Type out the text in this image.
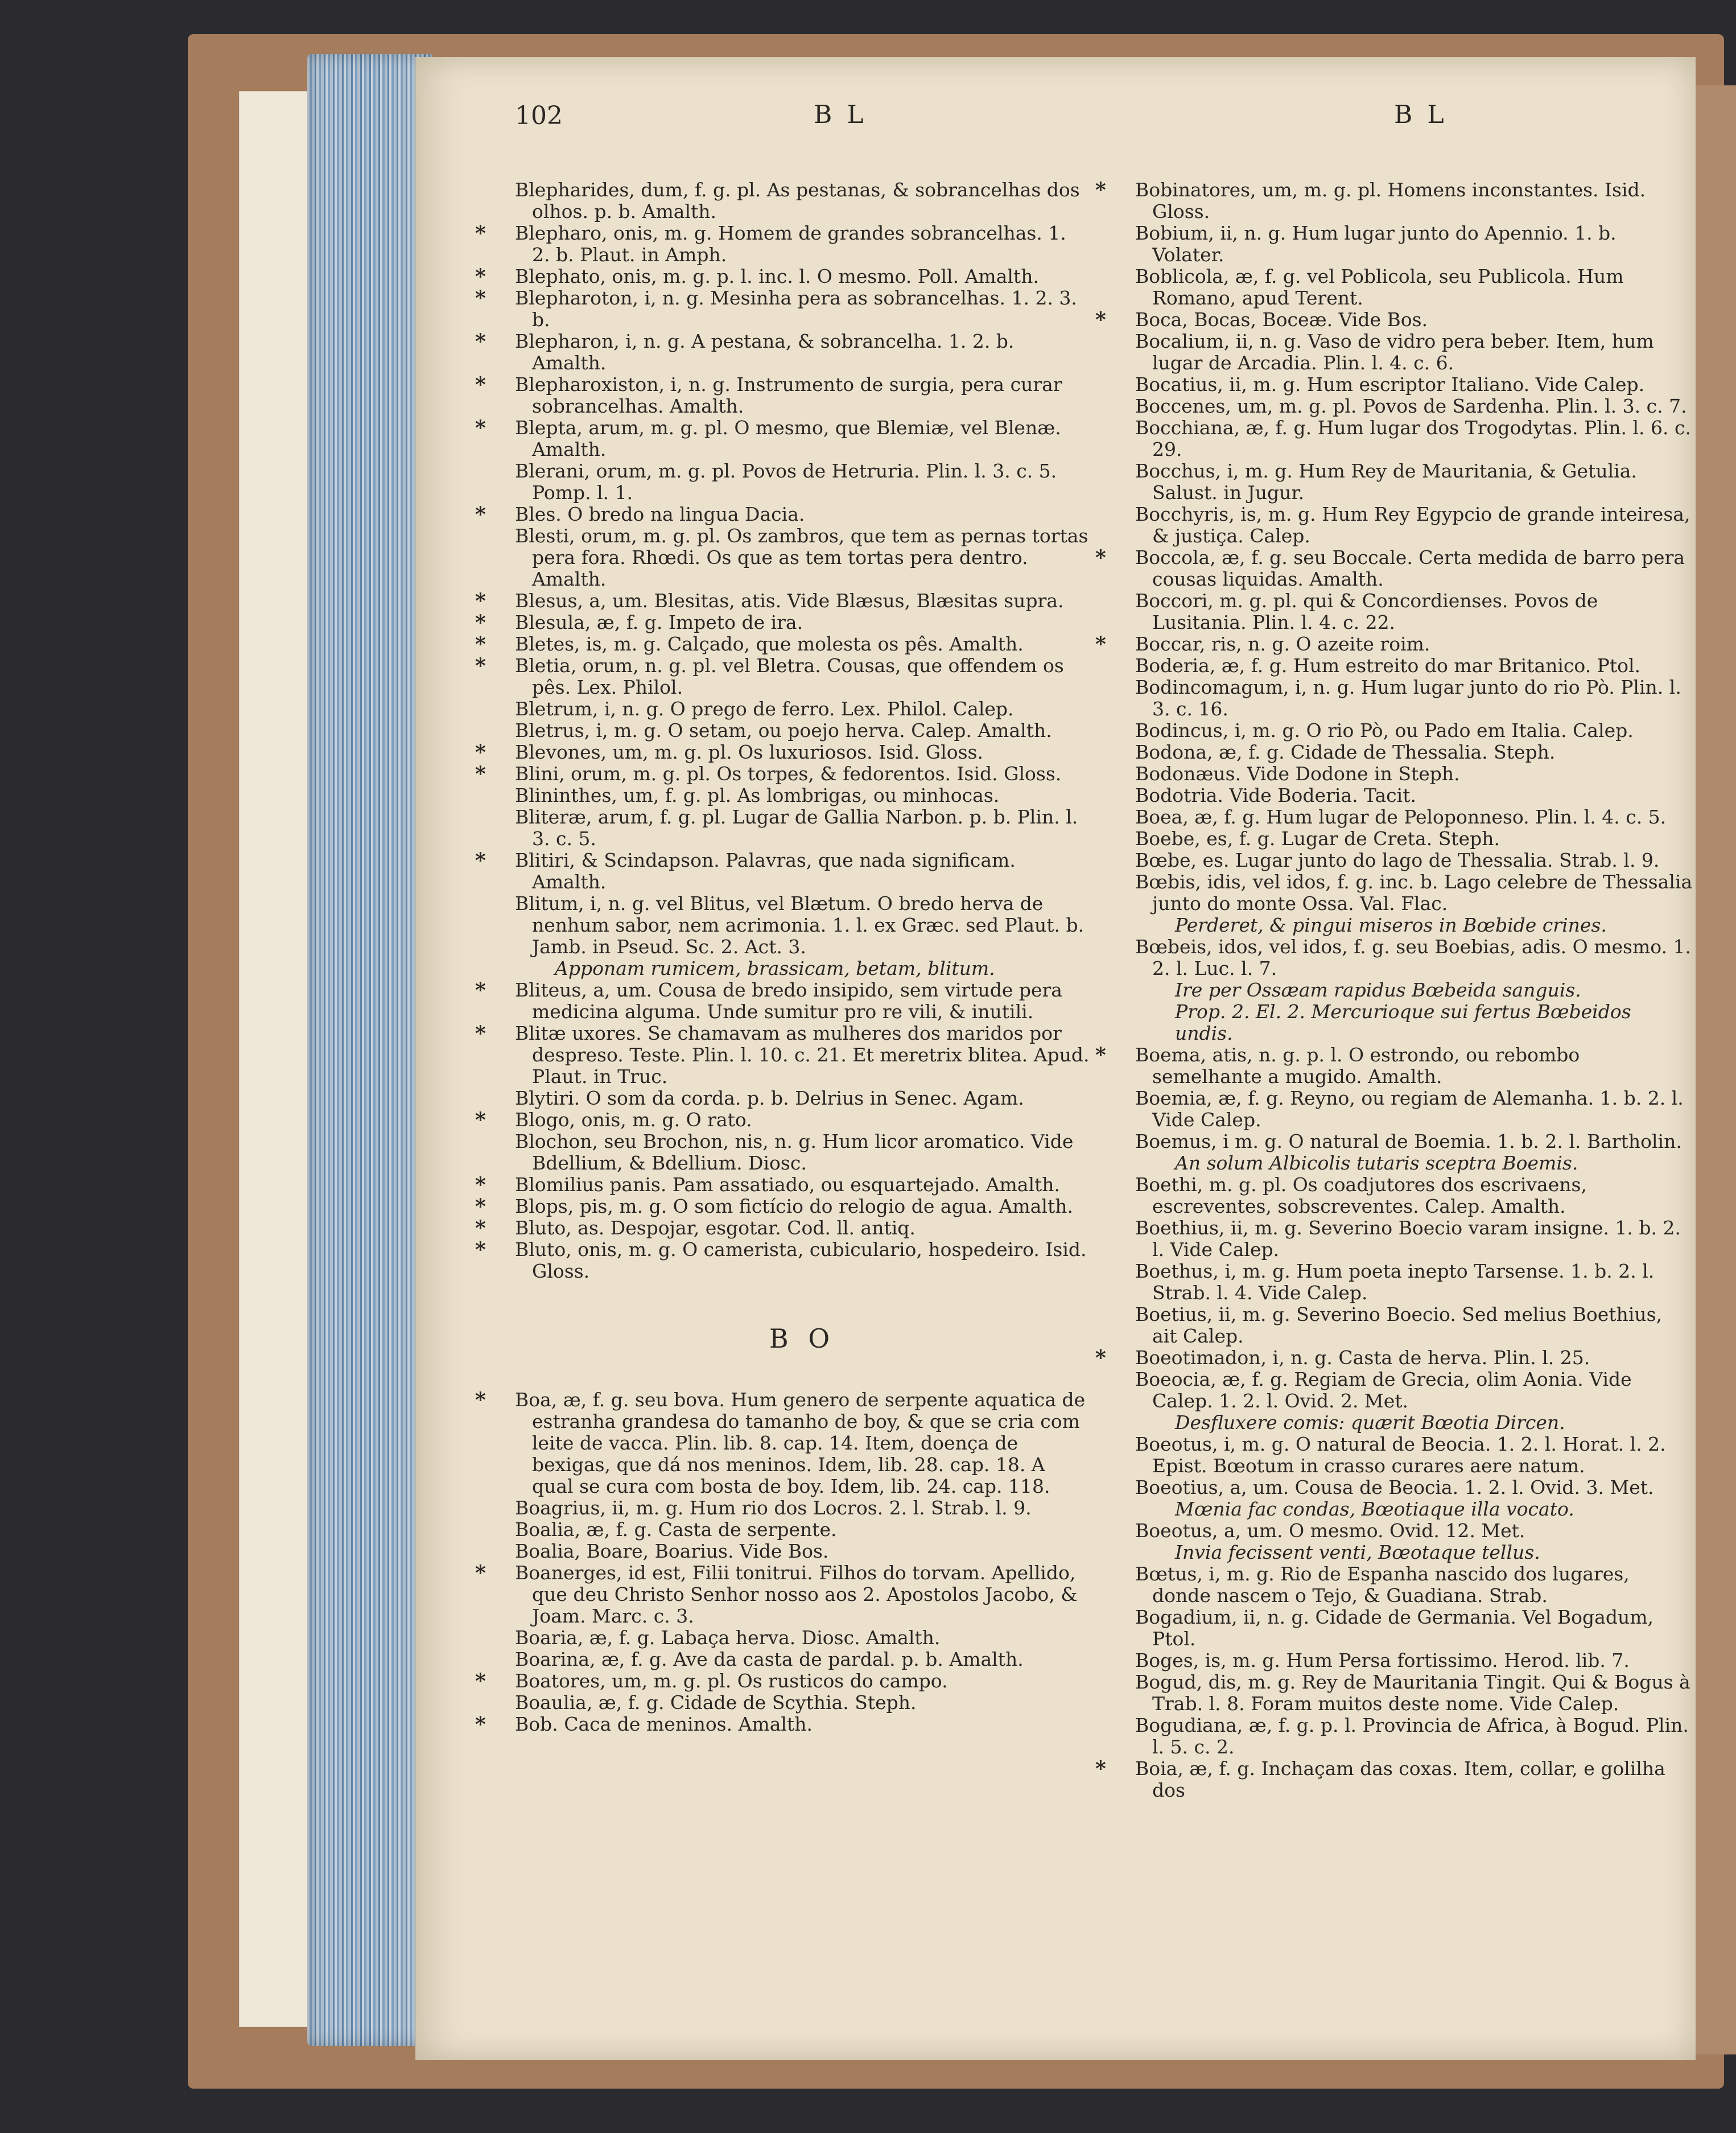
102	B L	B L

Blepharides, dum, f. g. pl. As pestanas, & sobrancelhas dos olhos. p. b. Amalth.

* Blepharo, onis, m. g. Homem de grandes sobrancelhas. 1. 2. b. Plaut. in Amph.

* Blephato, onis, m. g. p. l. inc. l. O mesmo. Poll. Amalth.

* Blepharoton, i, n. g. Mesinha pera as sobrancelhas. 1. 2. 3. b.

* Blepharon, i, n. g. A pestana, & sobrancelha. 1. 2. b. Amalth.

* Blepharoxiston, i, n. g. Instrumento de surgia, pera curar sobrancelhas. Amalth.

* Blepta, arum, m. g. pl. O mesmo, que Blemiæ, vel Blenæ. Amalth.

Blerani, orum, m. g. pl. Povos de Hetruria. Plin. l. 3. c. 5. Pomp. l. 1.

* Bles. O bredo na lingua Dacia.

Blesti, orum, m. g. pl. Os zambros, que tem as pernas tortas pera fora. Rhœdi. Os que as tem tortas pera dentro. Amalth.

* Blesus, a, um. Blesitas, atis. Vide Blæsus, Blæsitas supra.

* Blesula, æ, f. g. Impeto de ira.

* Bletes, is, m. g. Calçado, que molesta os pês. Amalth.

* Bletia, orum, n. g. pl. vel Bletra. Cousas, que offendem os pês. Lex. Philol.

Bletrum, i, n. g. O prego de ferro. Lex. Philol. Calep.

Bletrus, i, m. g. O setam, ou poejo herva. Calep. Amalth.

* Blevones, um, m. g. pl. Os luxuriosos. Isid. Gloss.

* Blini, orum, m. g. pl. Os torpes, & fedorentos. Isid. Gloss.

Blininthes, um, f. g. pl. As lombrigas, ou minhocas.

Bliteræ, arum, f. g. pl. Lugar de Gallia Narbon. p. b. Plin. l. 3. c. 5.

* Blitiri, & Scindapson. Palavras, que nada significam. Amalth.

Blitum, i, n. g. vel Blitus, vel Blætum. O bredo herva de nenhum sabor, nem acrimonia. 1. l. ex Græc. sed Plaut. b. Jamb. in Pseud. Sc. 2. Act. 3.

Apponam rumicem, brassicam, betam, blitum.

* Bliteus, a, um. Cousa de bredo insipido, sem virtude pera medicina alguma. Unde sumitur pro re vili, & inutili.

* Blitæ uxores. Se chamavam as mulheres dos maridos por despreso. Teste. Plin. l. 10. c. 21. Et meretrix blitea. Apud. Plaut. in Truc.

Blytiri. O som da corda. p. b. Delrius in Senec. Agam.

* Blogo, onis, m. g. O rato.

Blochon, seu Brochon, nis, n. g. Hum licor aromatico. Vide Bdellium, & Bdellium. Diosc.

* Blomilius panis. Pam assatiado, ou esquartejado. Amalth.

* Blops, pis, m. g. O som fictício do relogio de agua. Amalth.

* Bluto, as. Despojar, esgotar. Cod. ll. antiq.

* Bluto, onis, m. g. O camerista, cubiculario, hospedeiro. Isid. Gloss.

B O

* Boa, æ, f. g. seu bova. Hum genero de serpente aquatica de estranha grandesa do tamanho de boy, & que se cria com leite de vacca. Plin. lib. 8. cap. 14. Item, doença de bexigas, que dá nos meninos. Idem, lib. 28. cap. 18. A qual se cura com bosta de boy. Idem, lib. 24. cap. 118.

Boagrius, ii, m. g. Hum rio dos Locros. 2. l. Strab. l. 9.

Boalia, æ, f. g. Casta de serpente.

Boalia, Boare, Boarius. Vide Bos.

* Boanerges, id est, Filii tonitrui. Filhos do torvam. Apellido, que deu Christo Senhor nosso aos 2. Apostolos Jacobo, & Joam. Marc. c. 3.

Boaria, æ, f. g. Labaça herva. Diosc. Amalth.

Boarina, æ, f. g. Ave da casta de pardal. p. b. Amalth.

* Boatores, um, m. g. pl. Os rusticos do campo.

Boaulia, æ, f. g. Cidade de Scythia. Steph.

* Bob. Caca de meninos. Amalth.

* Bobinatores, um, m. g. pl. Homens inconstantes. Isid. Gloss.

Bobium, ii, n. g. Hum lugar junto do Apennio. 1. b. Volater.

Boblicola, æ, f. g. vel Poblicola, seu Publicola. Hum Romano, apud Terent.

* Boca, Bocas, Boceæ. Vide Bos.

Bocalium, ii, n. g. Vaso de vidro pera beber. Item, hum lugar de Arcadia. Plin. l. 4. c. 6.

Bocatius, ii, m. g. Hum escriptor Italiano. Vide Calep.

Boccenes, um, m. g. pl. Povos de Sardenha. Plin. l. 3. c. 7.

Bocchiana, æ, f. g. Hum lugar dos Trogodytas. Plin. l. 6. c. 29.

Bocchus, i, m. g. Hum Rey de Mauritania, & Getulia. Salust. in Jugur.

Bocchyris, is, m. g. Hum Rey Egypcio de grande inteiresa, & justiça. Calep.

* Boccola, æ, f. g. seu Boccale. Certa medida de barro pera cousas liquidas. Amalth.

Boccori, m. g. pl. qui & Concordienses. Povos de Lusitania. Plin. l. 4. c. 22.

* Boccar, ris, n. g. O azeite roim.

Boderia, æ, f. g. Hum estreito do mar Britanico. Ptol.

Bodincomagum, i, n. g. Hum lugar junto do rio Pò. Plin. l. 3. c. 16.

Bodincus, i, m. g. O rio Pò, ou Pado em Italia. Calep.

Bodona, æ, f. g. Cidade de Thessalia. Steph.

Bodonæus. Vide Dodone in Steph.

Bodotria. Vide Boderia. Tacit.

Boea, æ, f. g. Hum lugar de Peloponneso. Plin. l. 4. c. 5.

Boebe, es, f. g. Lugar de Creta. Steph.

Bœbe, es. Lugar junto do lago de Thessalia. Strab. l. 9.

Bœbis, idis, vel idos, f. g. inc. b. Lago celebre de Thessalia junto do monte Ossa. Val. Flac.

Perderet, & pingui miseros in Bœbide crines.

Bœbeis, idos, vel idos, f. g. seu Boebias, adis. O mesmo. 1. 2. l. Luc. l. 7.

Ire per Ossæam rapidus Bœbeida sanguis.

Prop. 2. El. 2. Mercurioque sui fertus Bœbeidos undis.

* Boema, atis, n. g. p. l. O estrondo, ou rebombo semelhante a mugido. Amalth.

Boemia, æ, f. g. Reyno, ou regiam de Alemanha. 1. b. 2. l. Vide Calep.

Boemus, i m. g. O natural de Boemia. 1. b. 2. l. Bartholin.

An solum Albicolis tutaris sceptra Boemis.

Boethi, m. g. pl. Os coadjutores dos escrivaens, escreventes, sobscreventes. Calep. Amalth.

Boethius, ii, m. g. Severino Boecio varam insigne. 1. b. 2. l. Vide Calep.

Boethus, i, m. g. Hum poeta inepto Tarsense. 1. b. 2. l. Strab. l. 4. Vide Calep.

Boetius, ii, m. g. Severino Boecio. Sed melius Boethius, ait Calep.

* Boeotimadon, i, n. g. Casta de herva. Plin. l. 25.

Boeocia, æ, f. g. Regiam de Grecia, olim Aonia. Vide Calep. 1. 2. l. Ovid. 2. Met.

Desfluxere comis: quærit Bœotia Dircen.

Boeotus, i, m. g. O natural de Beocia. 1. 2. l. Horat. l. 2. Epist. Bœotum in crasso curares aere natum.

Boeotius, a, um. Cousa de Beocia. 1. 2. l. Ovid. 3. Met.

Mœnia fac condas, Bœotiaque illa vocato.

Boeotus, a, um. O mesmo. Ovid. 12. Met.

Invia fecissent venti, Bœotaque tellus.

Bœtus, i, m. g. Rio de Espanha nascido dos lugares, donde nascem o Tejo, & Guadiana. Strab.

Bogadium, ii, n. g. Cidade de Germania. Vel Bogadum, Ptol.

Boges, is, m. g. Hum Persa fortissimo. Herod. lib. 7.

Bogud, dis, m. g. Rey de Mauritania Tingit. Qui & Bogus à Trab. l. 8. Foram muitos deste nome. Vide Calep.

Bogudiana, æ, f. g. p. l. Provincia de Africa, à Bogud. Plin. l. 5. c. 2.

* Boia, æ, f. g. Inchaçam das coxas. Item, collar, e golilha dos
